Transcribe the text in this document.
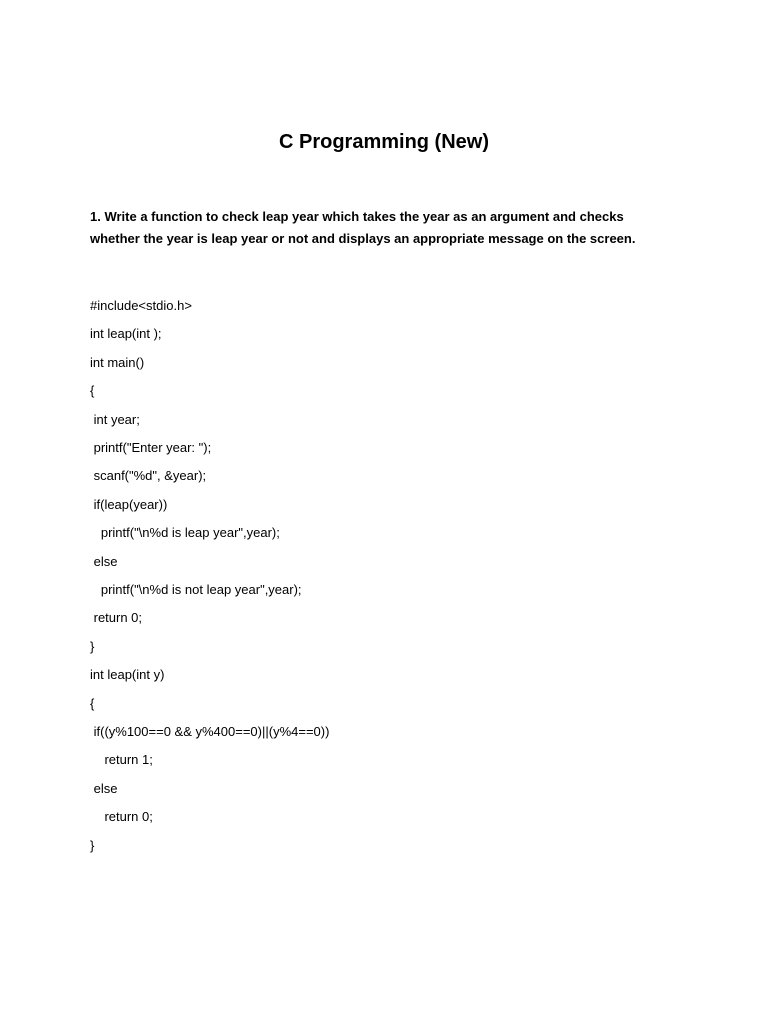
C Programming (New)
1. Write a function to check leap year which takes the year as an argument and checks
whether the year is leap year or not and displays an appropriate message on the screen.
#include<stdio.h>
int leap(int );
int main()
{
int year;
printf("Enter year: ");
scanf("%d", &year);
if(leap(year))
printf("\n%d is leap year",year);
else
printf("\n%d is not leap year",year);
return 0;
}
int leap(int y)
{
if((y%100==0 && y%400==0)||(y%4==0))
return 1;
else
return 0;
}
